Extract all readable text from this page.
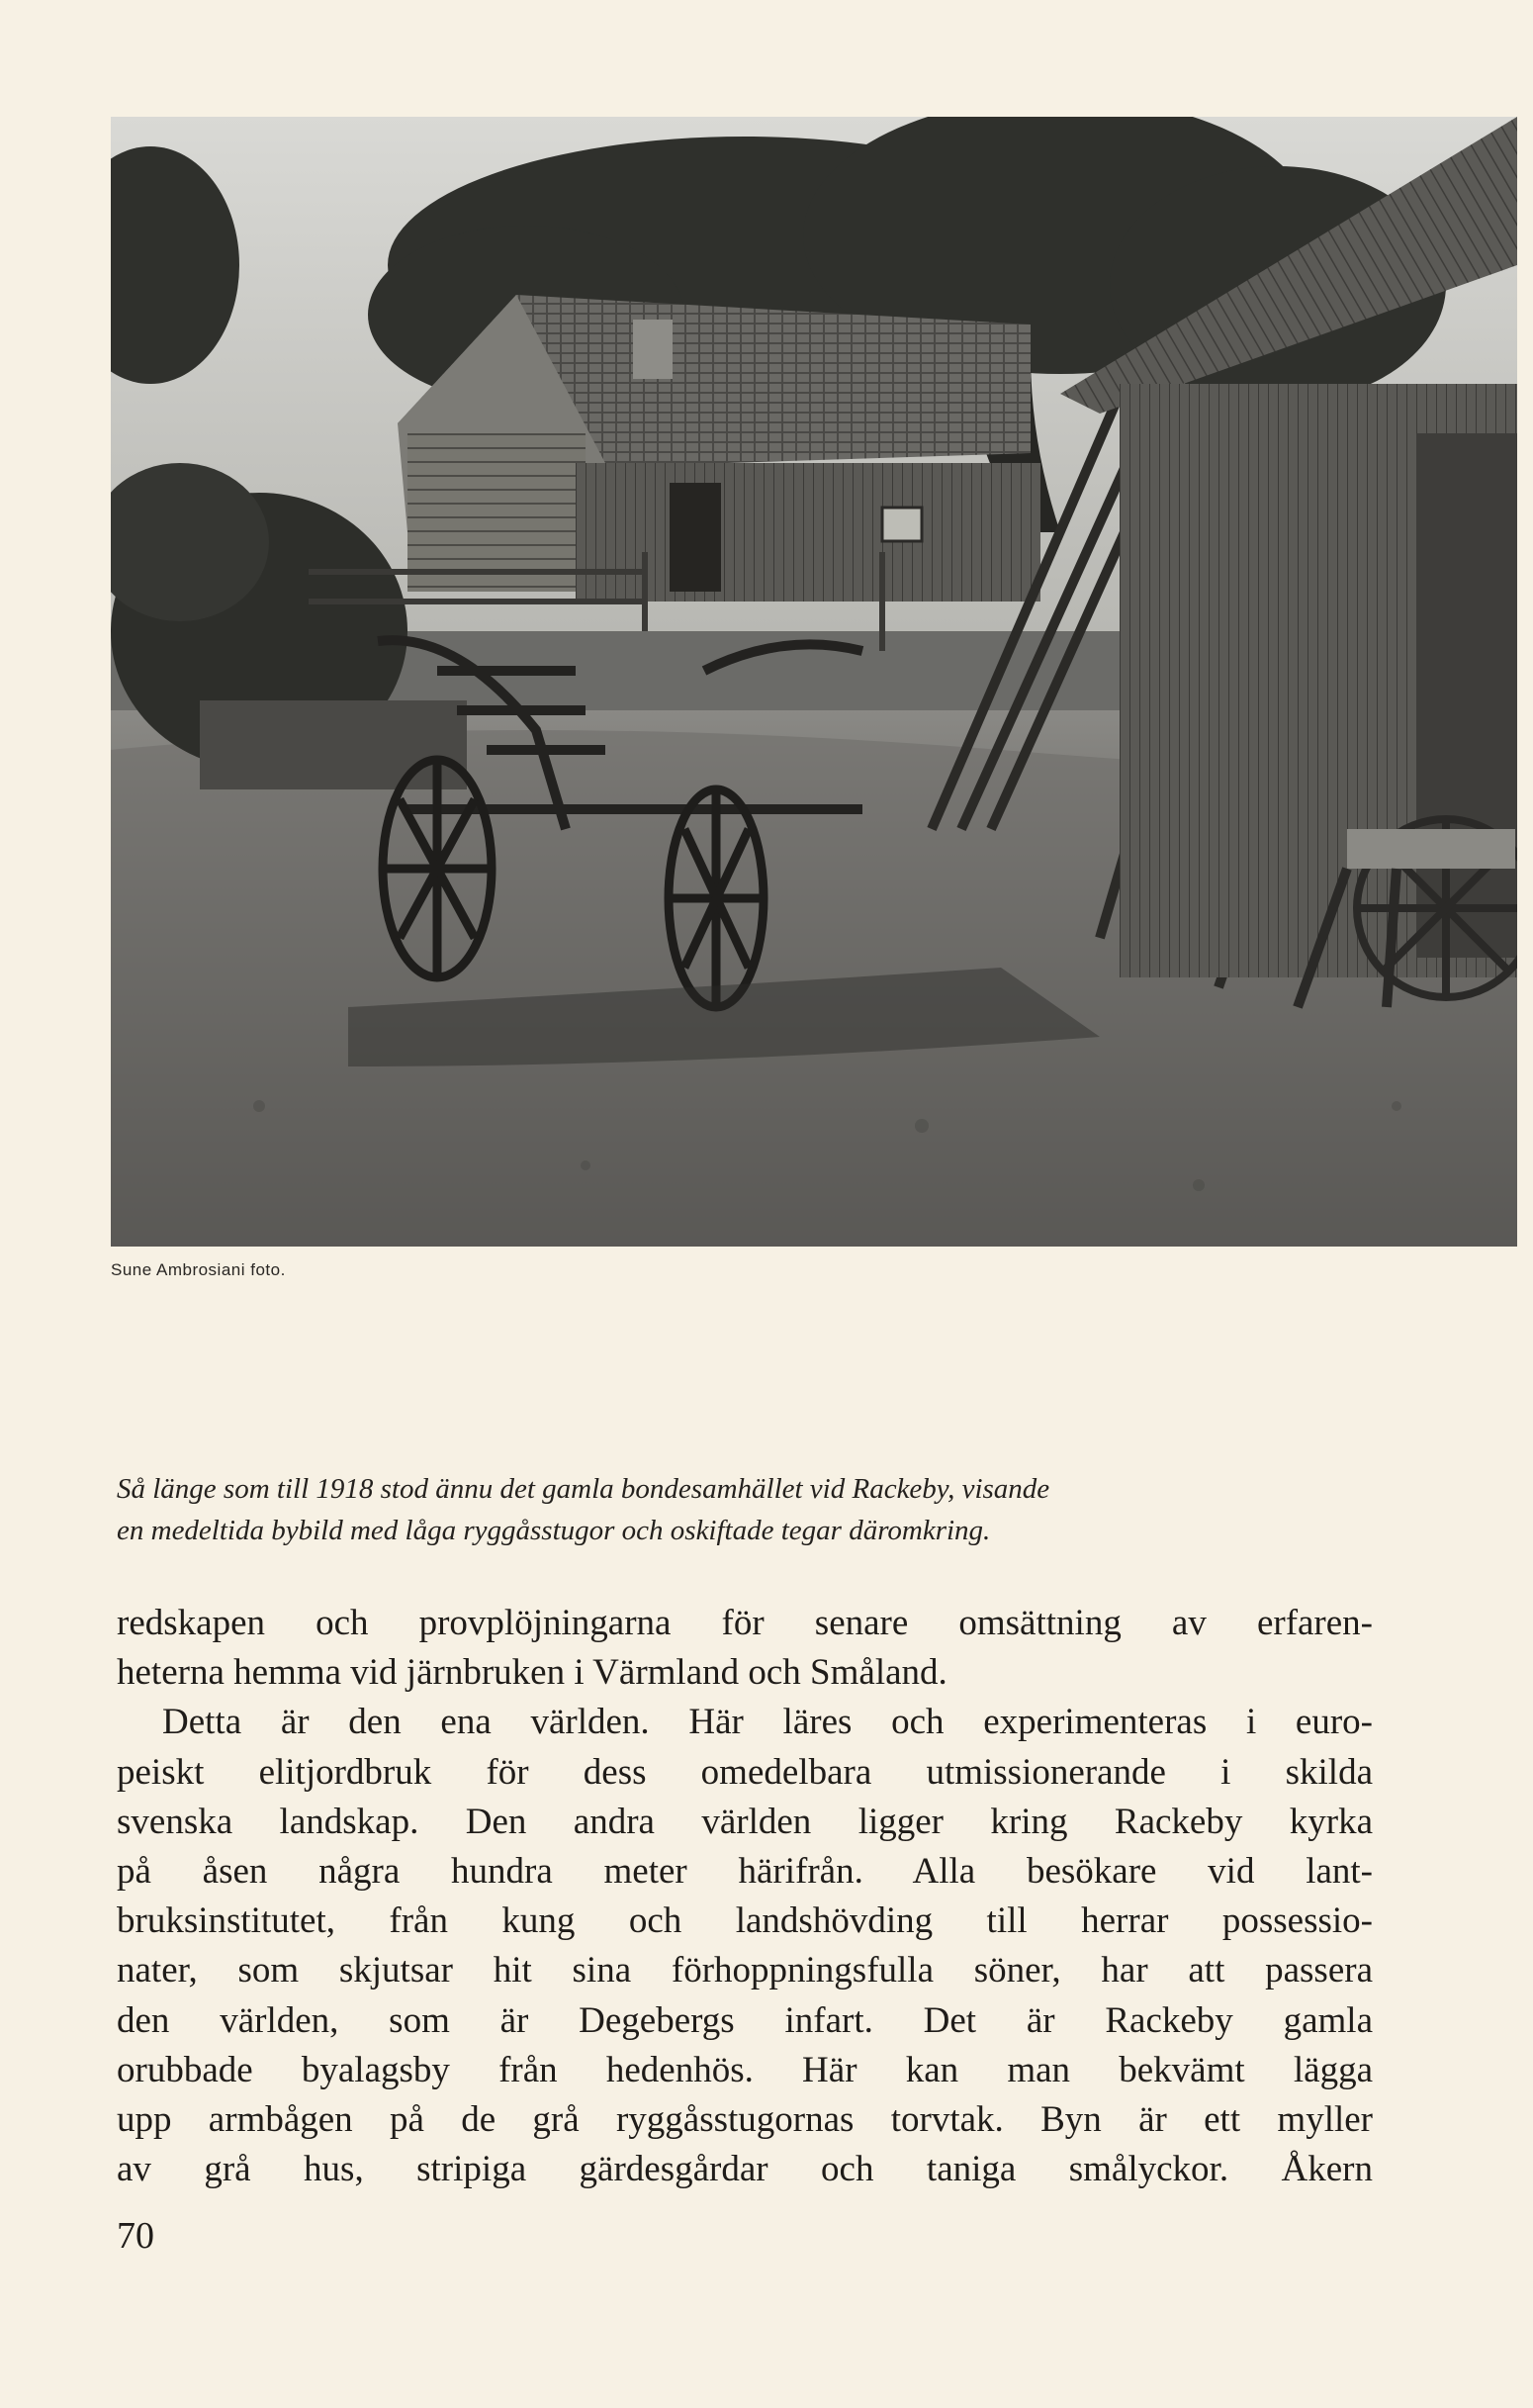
Sune Ambrosiani foto.
Så länge som till 1918 stod ännu det gamla bondesamhället vid Rackeby, visande
en medeltida bybild med låga ryggåsstugor och oskiftade tegar däromkring.
redskapen och provplöjningarna för senare omsättning av erfaren-
heterna hemma vid järnbruken i Värmland och Småland.
Detta är den ena världen. Här läres och experimenteras i euro-
peiskt elitjordbruk för dess omedelbara utmissionerande i skilda
svenska landskap. Den andra världen ligger kring Rackeby kyrka
på åsen några hundra meter härifrån. Alla besökare vid lant-
bruksinstitutet, från kung och landshövding till herrar possessio-
nater, som skjutsar hit sina förhoppningsfulla söner, har att passera
den världen, som är Degebergs infart. Det är Rackeby gamla
orubbade byalagsby från hedenhös. Här kan man bekvämt lägga
upp armbågen på de grå ryggåsstugornas torvtak. Byn är ett myller
av grå hus, stripiga gärdesgårdar och taniga smålyckor. Åkern
70
